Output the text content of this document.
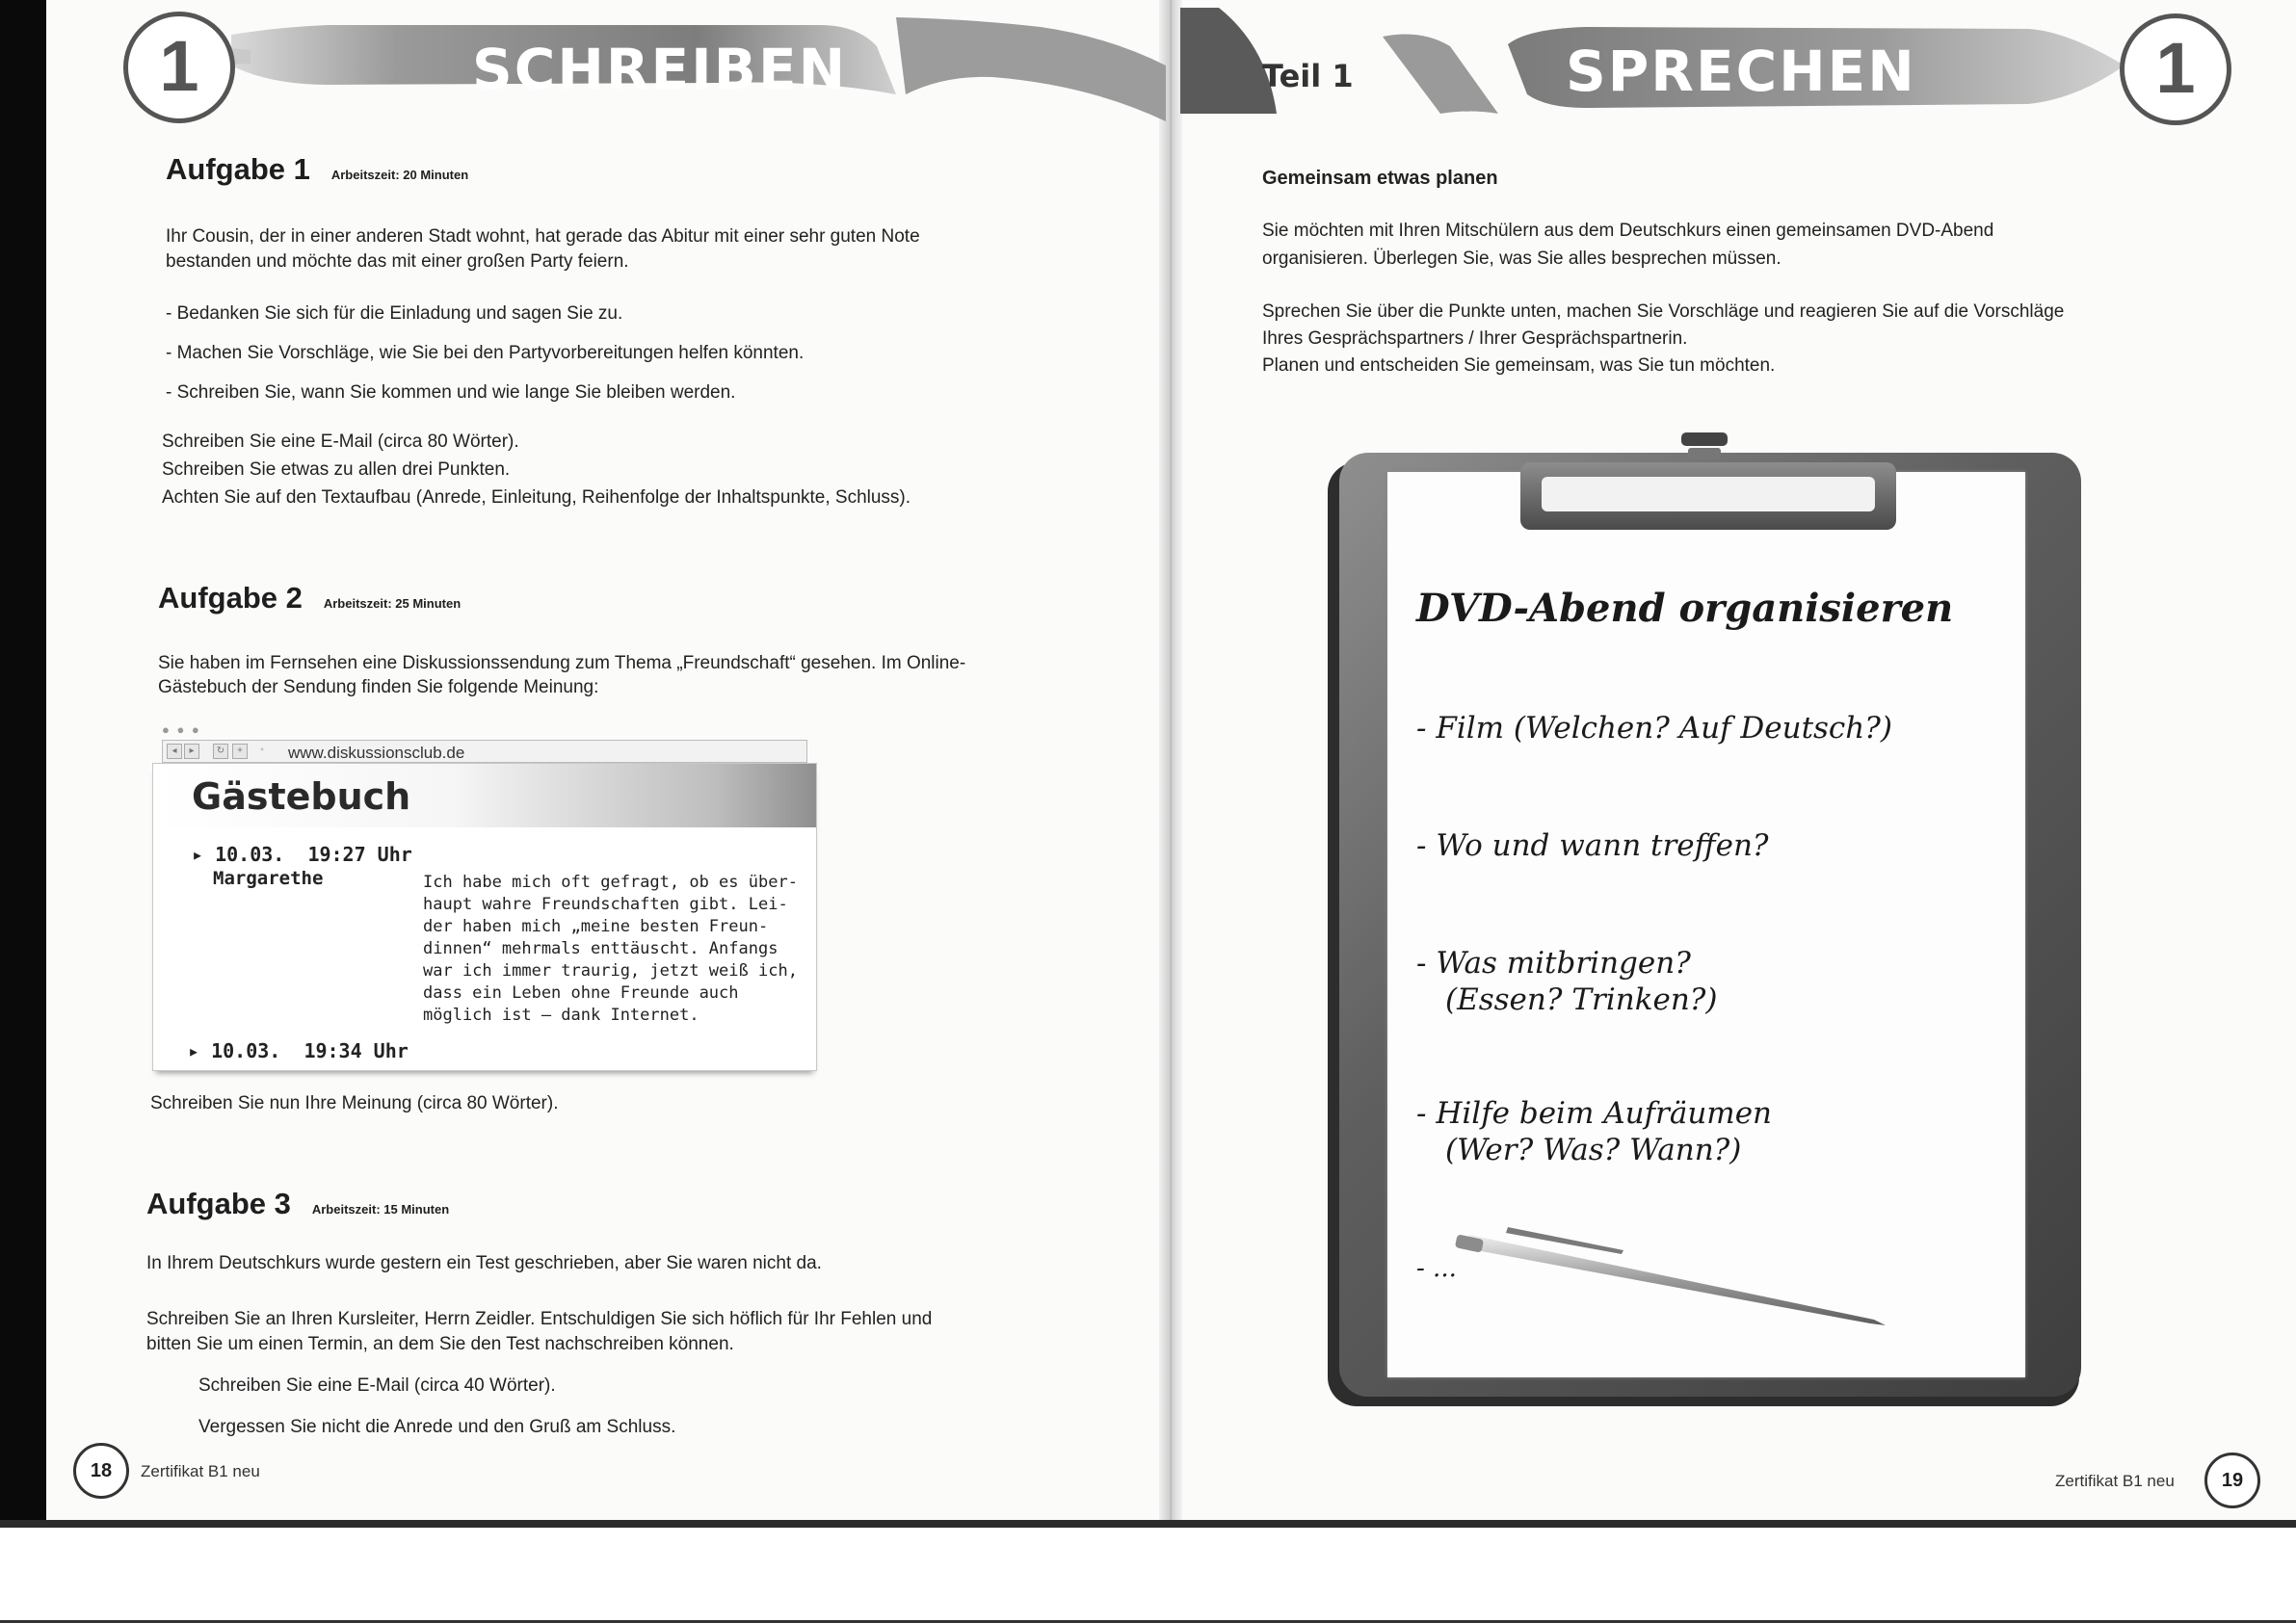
1	SCHREIBEN	Teil 1	SPRECHEN	1
Aufgabe 1 Arbeitszeit: 20 Minuten
Ihr Cousin, der in einer anderen Stadt wohnt, hat gerade das Abitur mit einer sehr guten Note
bestanden und möchte das mit einer großen Party feiern.
- Bedanken Sie sich für die Einladung und sagen Sie zu.
- Machen Sie Vorschläge, wie Sie bei den Partyvorbereitungen helfen könnten.
- Schreiben Sie, wann Sie kommen und wie lange Sie bleiben werden.
Schreiben Sie eine E-Mail (circa 80 Wörter).
Schreiben Sie etwas zu allen drei Punkten.
Achten Sie auf den Textaufbau (Anrede, Einleitung, Reihenfolge der Inhaltspunkte, Schluss).
Aufgabe 2 Arbeitszeit: 25 Minuten
Sie haben im Fernsehen eine Diskussionssendung zum Thema „Freundschaft“ gesehen. Im Online-
Gästebuch der Sendung finden Sie folgende Meinung:
● ● ●
◂	▸	↻	+	◦	www.diskussionsclub.de
Gästebuch
▸ 10.03. 19:27 Uhr
Margarethe	Ich habe mich oft gefragt, ob es über-
haupt wahre Freundschaften gibt. Lei-
der haben mich „meine besten Freun-
dinnen“ mehrmals enttäuscht. Anfangs
war ich immer traurig, jetzt weiß ich,
dass ein Leben ohne Freunde auch
möglich ist – dank Internet.
▸ 10.03. 19:34 Uhr
Schreiben Sie nun Ihre Meinung (circa 80 Wörter).
Aufgabe 3 Arbeitszeit: 15 Minuten
In Ihrem Deutschkurs wurde gestern ein Test geschrieben, aber Sie waren nicht da.
Schreiben Sie an Ihren Kursleiter, Herrn Zeidler. Entschuldigen Sie sich höflich für Ihr Fehlen und
bitten Sie um einen Termin, an dem Sie den Test nachschreiben können.
Schreiben Sie eine E-Mail (circa 40 Wörter).
Vergessen Sie nicht die Anrede und den Gruß am Schluss.
18	Zertifikat B1 neu
Gemeinsam etwas planen
Sie möchten mit Ihren Mitschülern aus dem Deutschkurs einen gemeinsamen DVD-Abend
organisieren. Überlegen Sie, was Sie alles besprechen müssen.
Sprechen Sie über die Punkte unten, machen Sie Vorschläge und reagieren Sie auf die Vorschläge
Ihres Gesprächspartners / Ihrer Gesprächspartnerin.
Planen und entscheiden Sie gemeinsam, was Sie tun möchten.
DVD-Abend organisieren
- Film (Welchen? Auf Deutsch?)
- Wo und wann treffen?
- Was mitbringen?
(Essen? Trinken?)
- Hilfe beim Aufräumen
(Wer? Was? Wann?)
- ...
Zertifikat B1 neu	19
